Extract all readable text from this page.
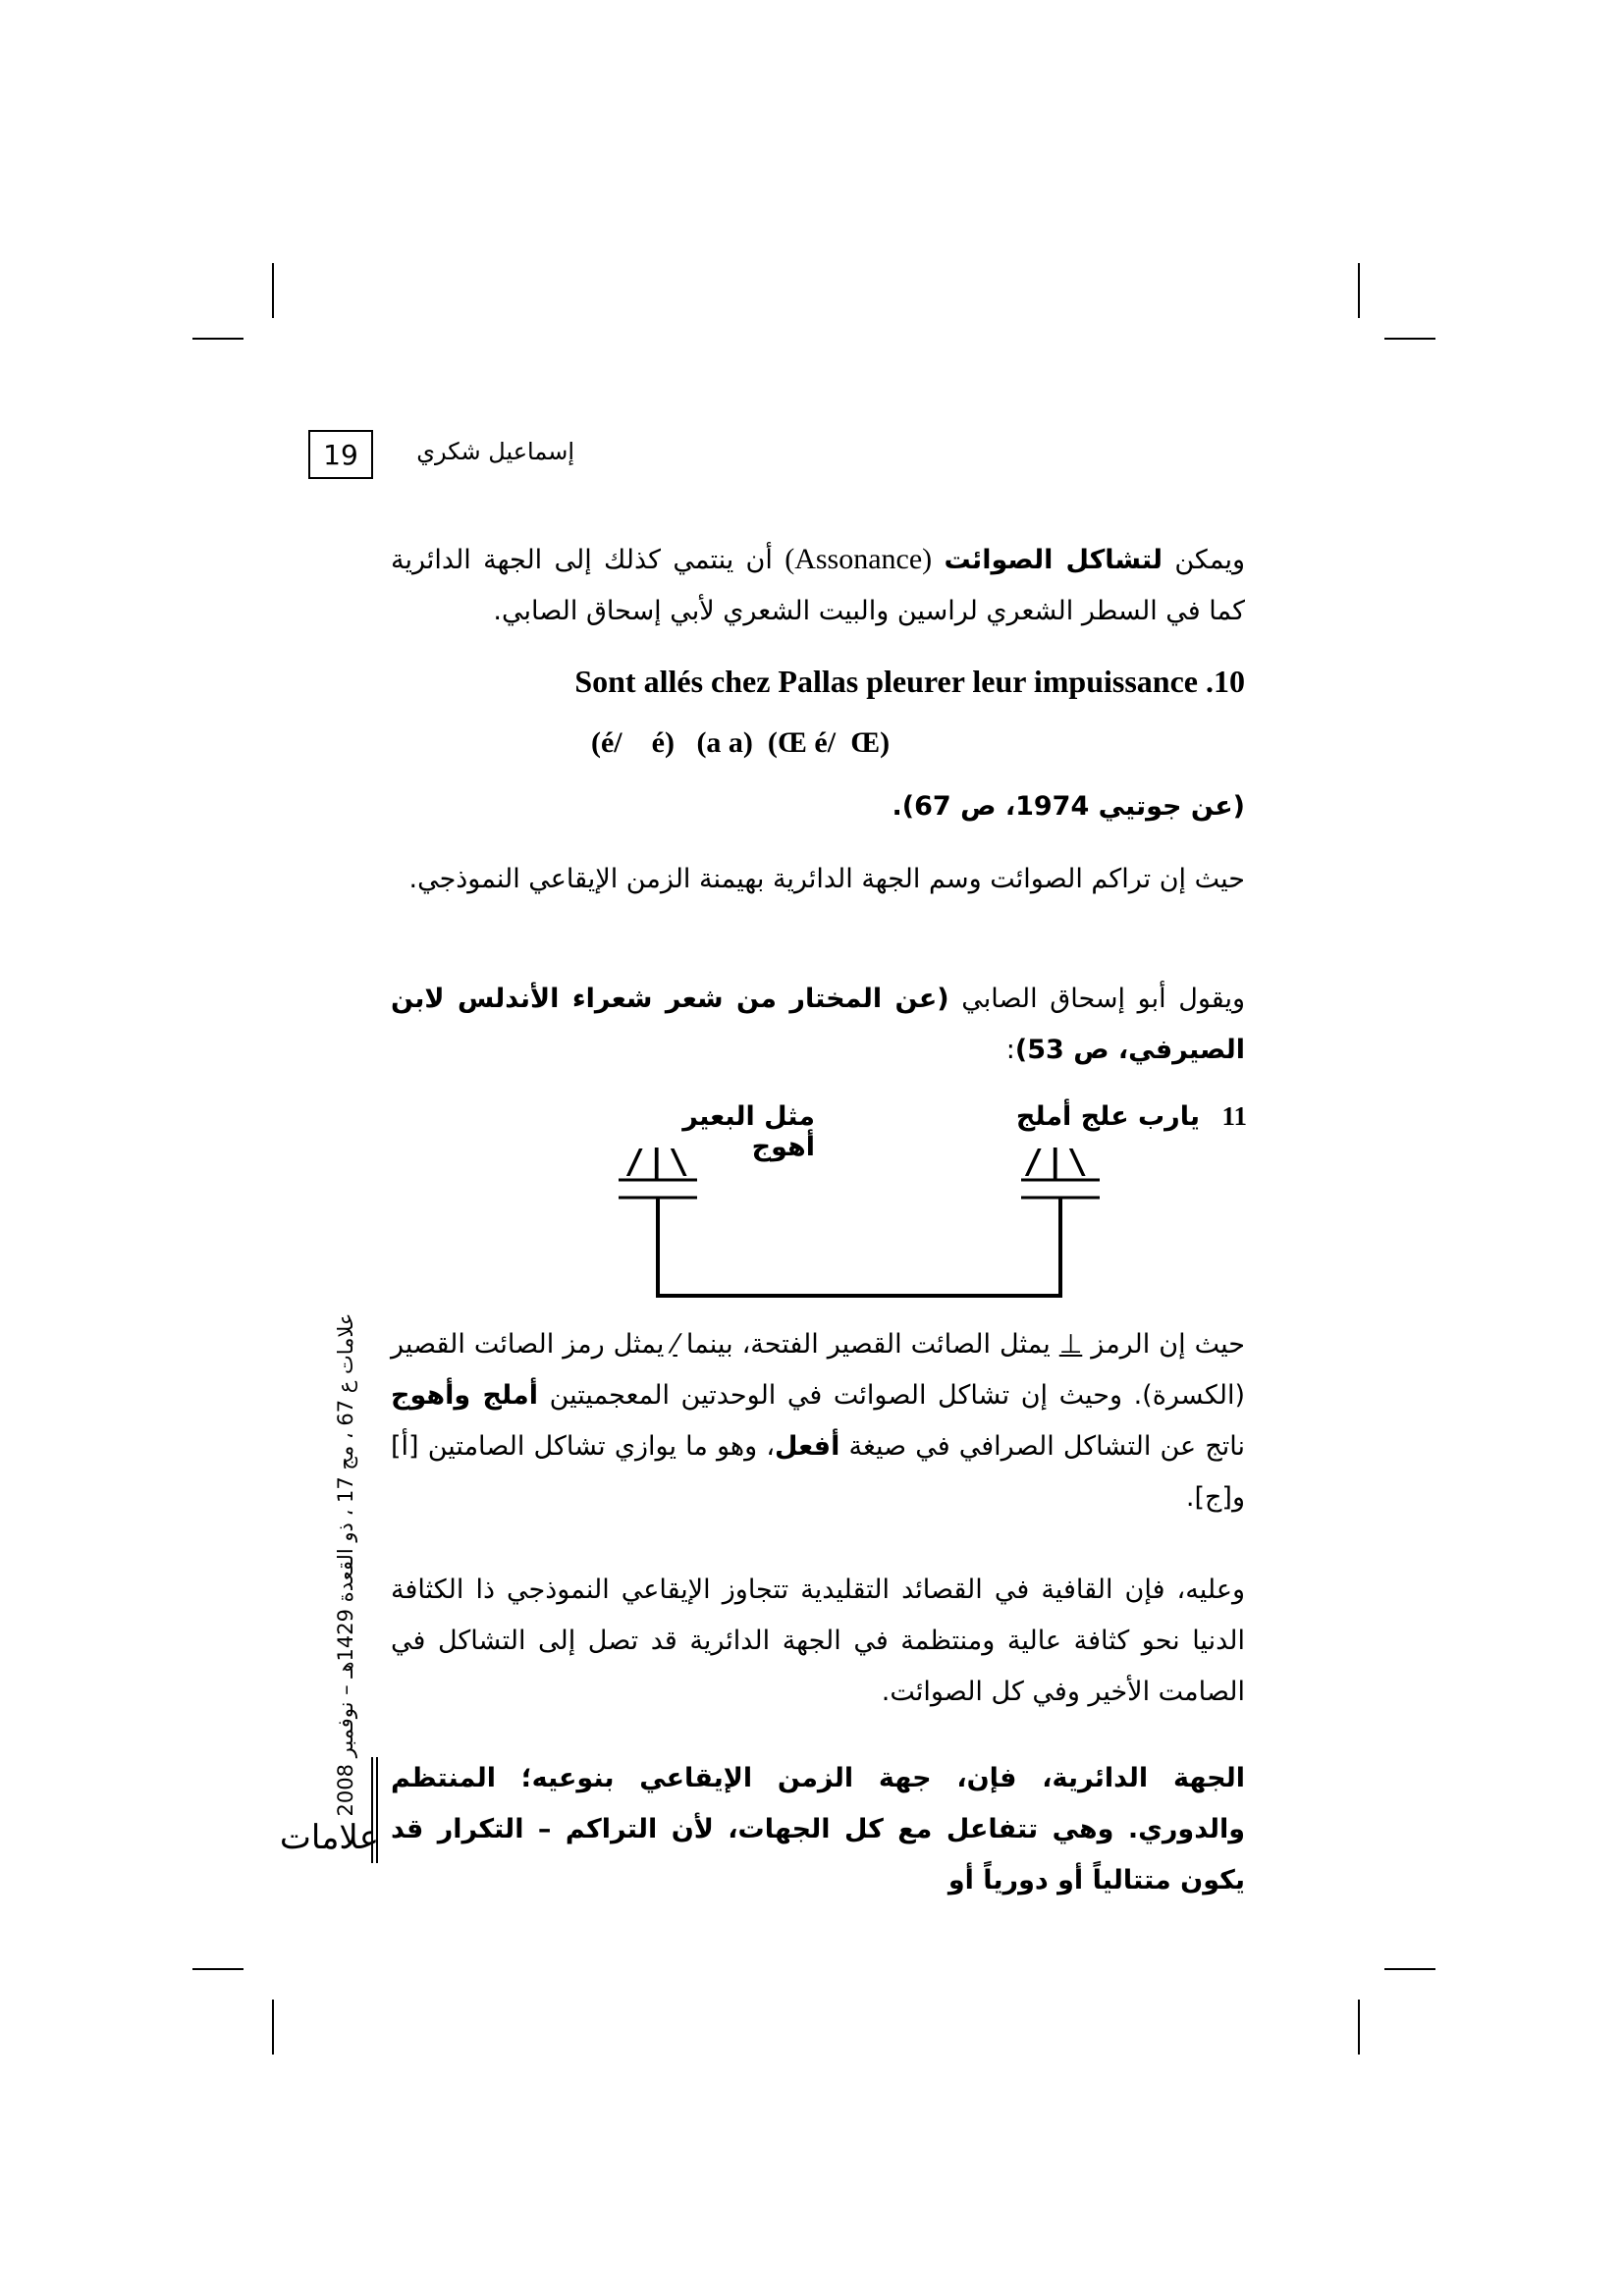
19	إسماعيل شكري
ويمكن لتشاكل الصوائت (Assonance) أن ينتمي كذلك إلى الجهة الدائرية كما في السطر الشعري لراسين والبيت الشعري لأبي إسحاق الصابي.
Sont allés chez Pallas pleurer leur impuissance .10
(é/    é)   (a a)  (Œ é/  Œ)
(عن جوتيي 1974، ص 67).
حيث إن تراكم الصوائت وسم الجهة الدائرية بهيمنة الزمن الإيقاعي النموذجي.
ويقول أبو إسحاق الصابي (عن المختار من شعر شعراء الأندلس لابن الصيرفي، ص 53):
11
يارب علج أملج
مثل البعير أهوج
/|\	/|\
حيث إن الرمز ⊥ يمثل الصائت القصير الفتحة، بينما ⁄ يمثل رمز الصائت القصير (الكسرة). وحيث إن تشاكل الصوائت في الوحدتين المعجميتين أملج وأهوج ناتج عن التشاكل الصرافي في صيغة أفعل، وهو ما يوازي تشاكل الصامتين [أ] و[ج].
وعليه، فإن القافية في القصائد التقليدية تتجاوز الإيقاعي النموذجي ذا الكثافة الدنيا نحو كثافة عالية ومنتظمة في الجهة الدائرية قد تصل إلى التشاكل في الصامت الأخير وفي كل الصوائت.
الجهة الدائرية، فإن، جهة الزمن الإيقاعي بنوعيه؛ المنتظم والدوري. وهي تتفاعل مع كل الجهات، لأن التراكم – التكرار قد يكون متتالياً أو دورياً أو
علامات ع 67 ، مج 17 ، ذو القعدة 1429هـ – نوفمبر 2008
علامات
